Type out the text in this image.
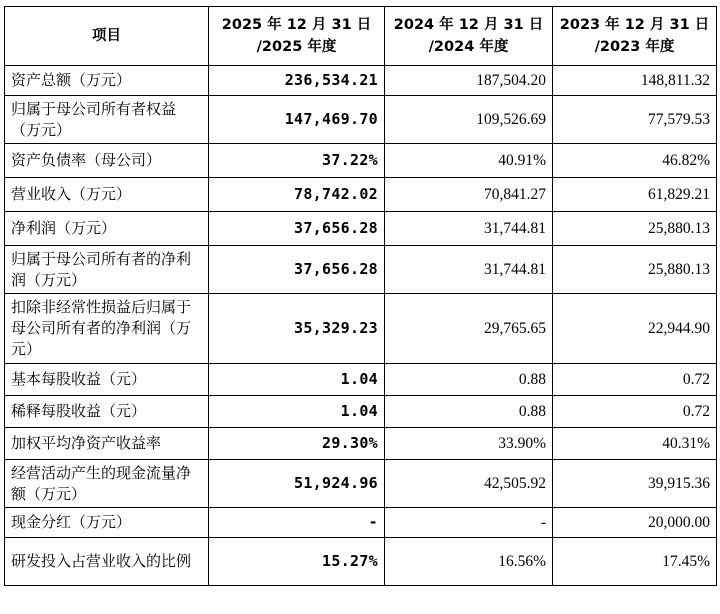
项目	2025 年 12 月 31 日 /2025 年度	2024 年 12 月 31 日 /2024 年度	2023 年 12 月 31 日 /2023 年度
资产总额（万元）	236,534.21	187,504.20	148,811.32
归属于母公司所有者权益（万元）	147,469.70	109,526.69	77,579.53
资产负债率（母公司）	37.22%	40.91%	46.82%
营业收入（万元）	78,742.02	70,841.27	61,829.21
净利润（万元）	37,656.28	31,744.81	25,880.13
归属于母公司所有者的净利润（万元）	37,656.28	31,744.81	25,880.13
扣除非经常性损益后归属于母公司所有者的净利润（万元）	35,329.23	29,765.65	22,944.90
基本每股收益（元）	1.04	0.88	0.72
稀释每股收益（元）	1.04	0.88	0.72
加权平均净资产收益率	29.30%	33.90%	40.31%
经营活动产生的现金流量净额（万元）	51,924.96	42,505.92	39,915.36
现金分红（万元）	-	-	20,000.00
研发投入占营业收入的比例	15.27%	16.56%	17.45%
